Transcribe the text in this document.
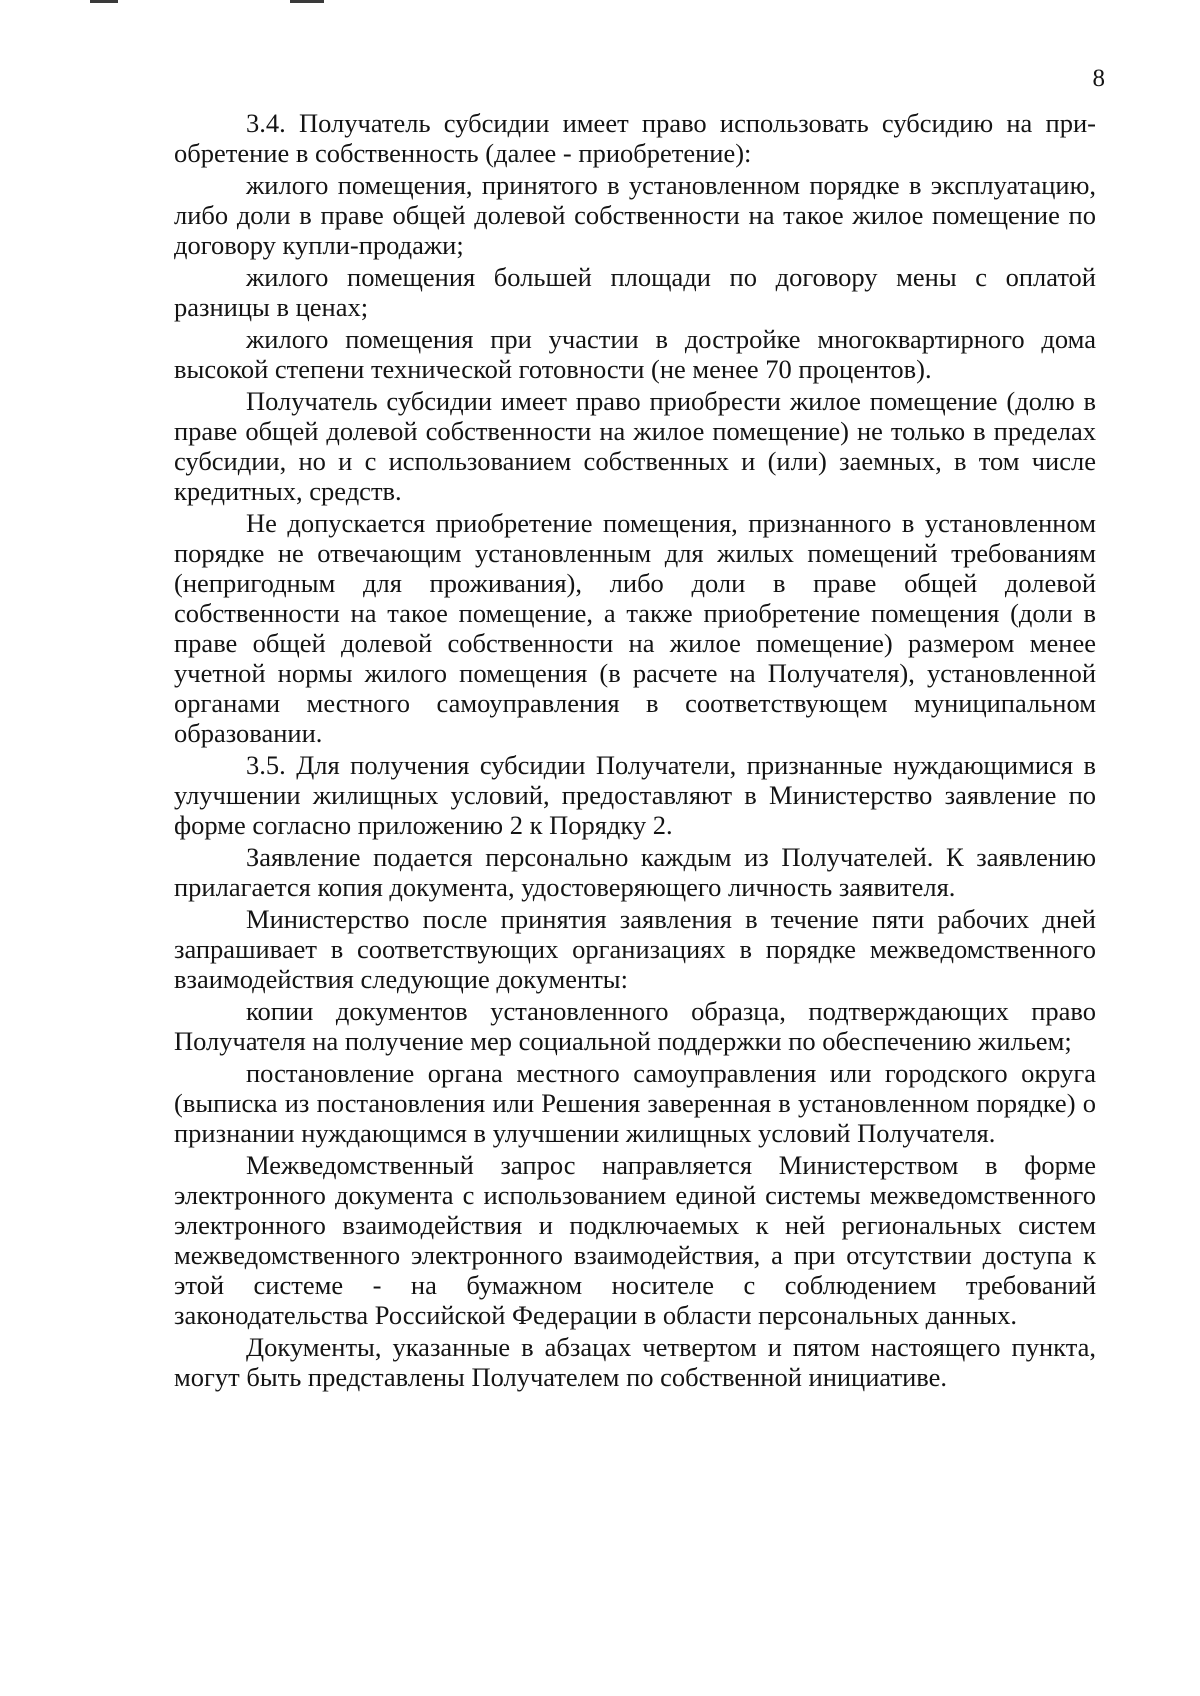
8

3.4. Получатель субсидии имеет право использовать субсидию на приобретение в собственность (далее - приобретение):

жилого помещения, принятого в установленном порядке в эксплуатацию, либо доли в праве общей долевой собственности на такое жилое помещение по договору купли-продажи;

жилого помещения большей площади по договору мены с оплатой разницы в ценах;

жилого помещения при участии в достройке многоквартирного дома высокой степени технической готовности (не менее 70 процентов).

Получатель субсидии имеет право приобрести жилое помещение (долю в праве общей долевой собственности на жилое помещение) не только в пределах субсидии, но и с использованием собственных и (или) заемных, в том числе кредитных, средств.

Не допускается приобретение помещения, признанного в установленном порядке не отвечающим установленным для жилых помещений требованиям (непригодным для проживания), либо доли в праве общей долевой собственности на такое помещение, а также приобретение помещения (доли в праве общей долевой собственности на жилое помещение) размером менее учетной нормы жилого помещения (в расчете на Получателя), установленной органами местного самоуправления в соответствующем муниципальном образовании.

3.5. Для получения субсидии Получатели, признанные нуждающимися в улучшении жилищных условий, предоставляют в Министерство заявление по форме согласно приложению 2 к Порядку 2.

Заявление подается персонально каждым из Получателей. К заявлению прилагается копия документа, удостоверяющего личность заявителя.

Министерство после принятия заявления в течение пяти рабочих дней запрашивает в соответствующих организациях в порядке межведомственного взаимодействия следующие документы:

копии документов установленного образца, подтверждающих право Получателя на получение мер социальной поддержки по обеспечению жильем;

постановление органа местного самоуправления или городского округа (выписка из постановления или Решения заверенная в установленном порядке) о признании нуждающимся в улучшении жилищных условий Получателя.

Межведомственный запрос направляется Министерством в форме электронного документа с использованием единой системы межведомственного электронного взаимодействия и подключаемых к ней региональных систем межведомственного электронного взаимодействия, а при отсутствии доступа к этой системе - на бумажном носителе с соблюдением требований законодательства Российской Федерации в области персональных данных.

Документы, указанные в абзацах четвертом и пятом настоящего пункта, могут быть представлены Получателем по собственной инициативе.
